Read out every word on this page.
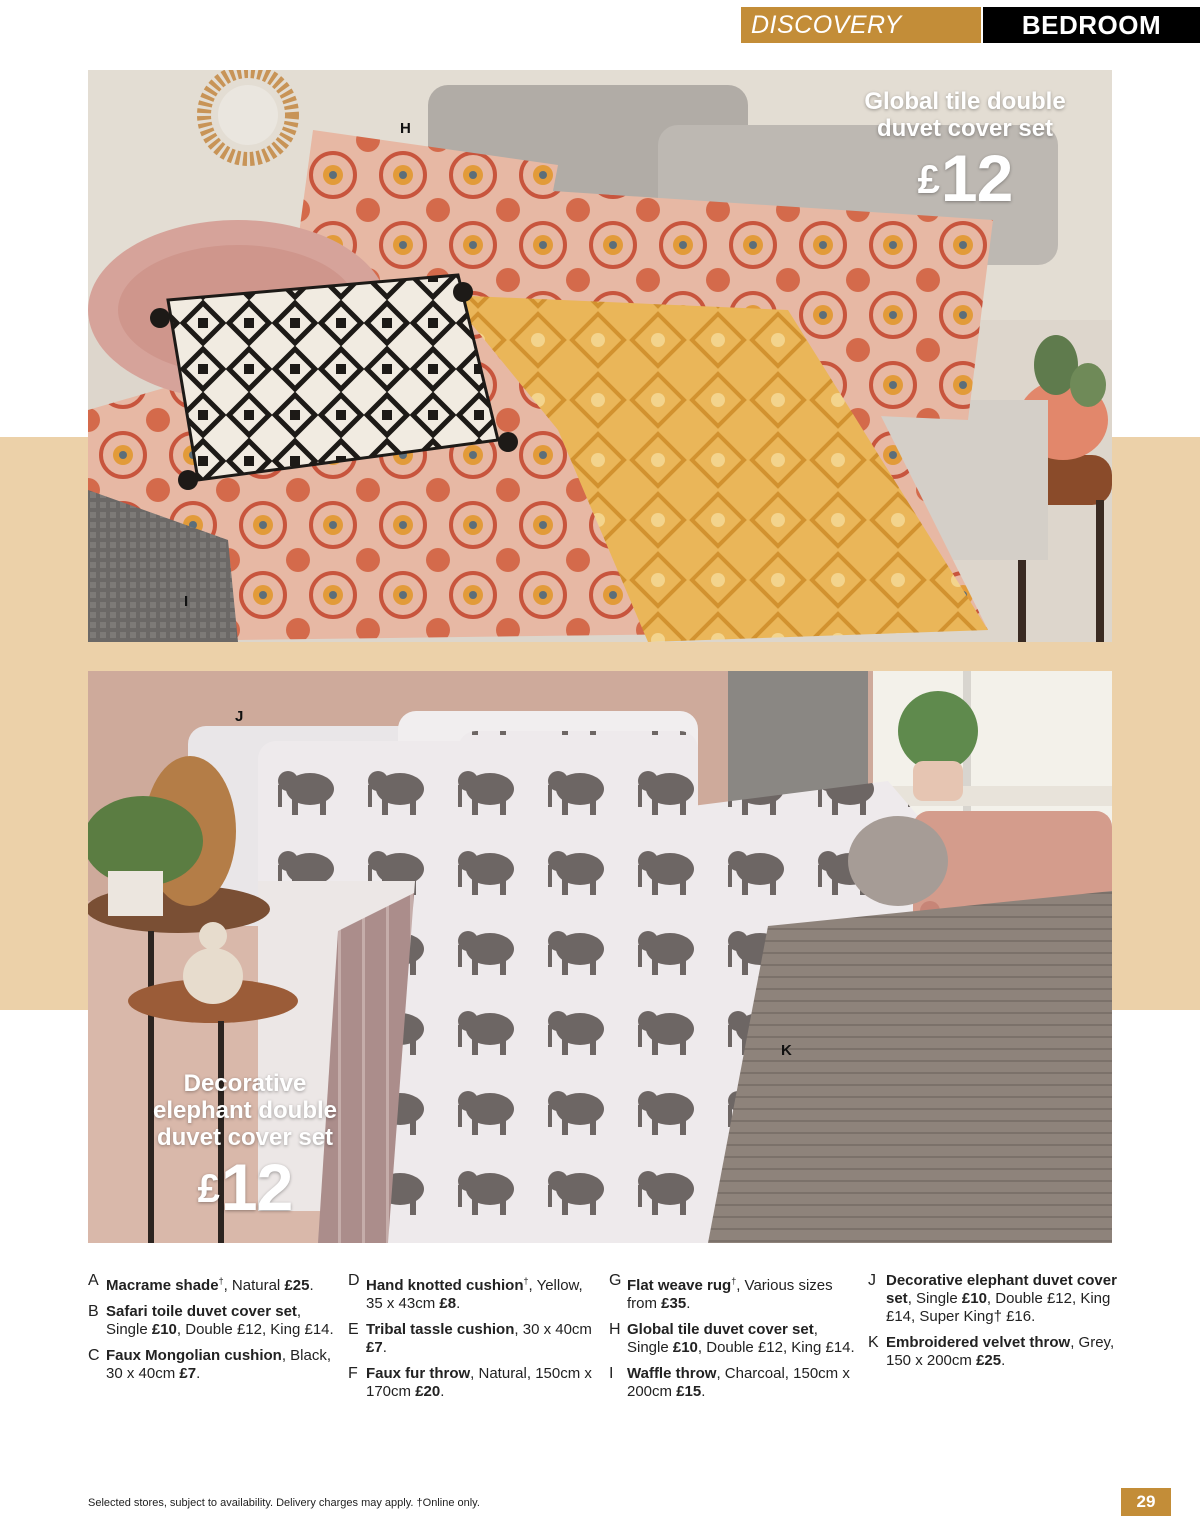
DISCOVERY	BEDROOM
H
I
Global tile double
duvet cover set
£12
J
K
Decorative
elephant double
duvet cover set
£12
A Macrame shade†, Natural £25.
B Safari toile duvet cover set, Single £10, Double £12, King £14.
C Faux Mongolian cushion, Black, 30 x 40cm £7.
D Hand knotted cushion†, Yellow, 35 x 43cm £8.
E Tribal tassle cushion, 30 x 40cm £7.
F Faux fur throw, Natural, 150cm x 170cm £20.
G Flat weave rug†, Various sizes from £35.
H Global tile duvet cover set, Single £10, Double £12, King £14.
I Waffle throw, Charcoal, 150cm x 200cm £15.
J Decorative elephant duvet cover set, Single £10, Double £12, King £14, Super King† £16.
K Embroidered velvet throw, Grey, 150 x 200cm £25.
Selected stores, subject to availability. Delivery charges may apply. †Online only.	29
